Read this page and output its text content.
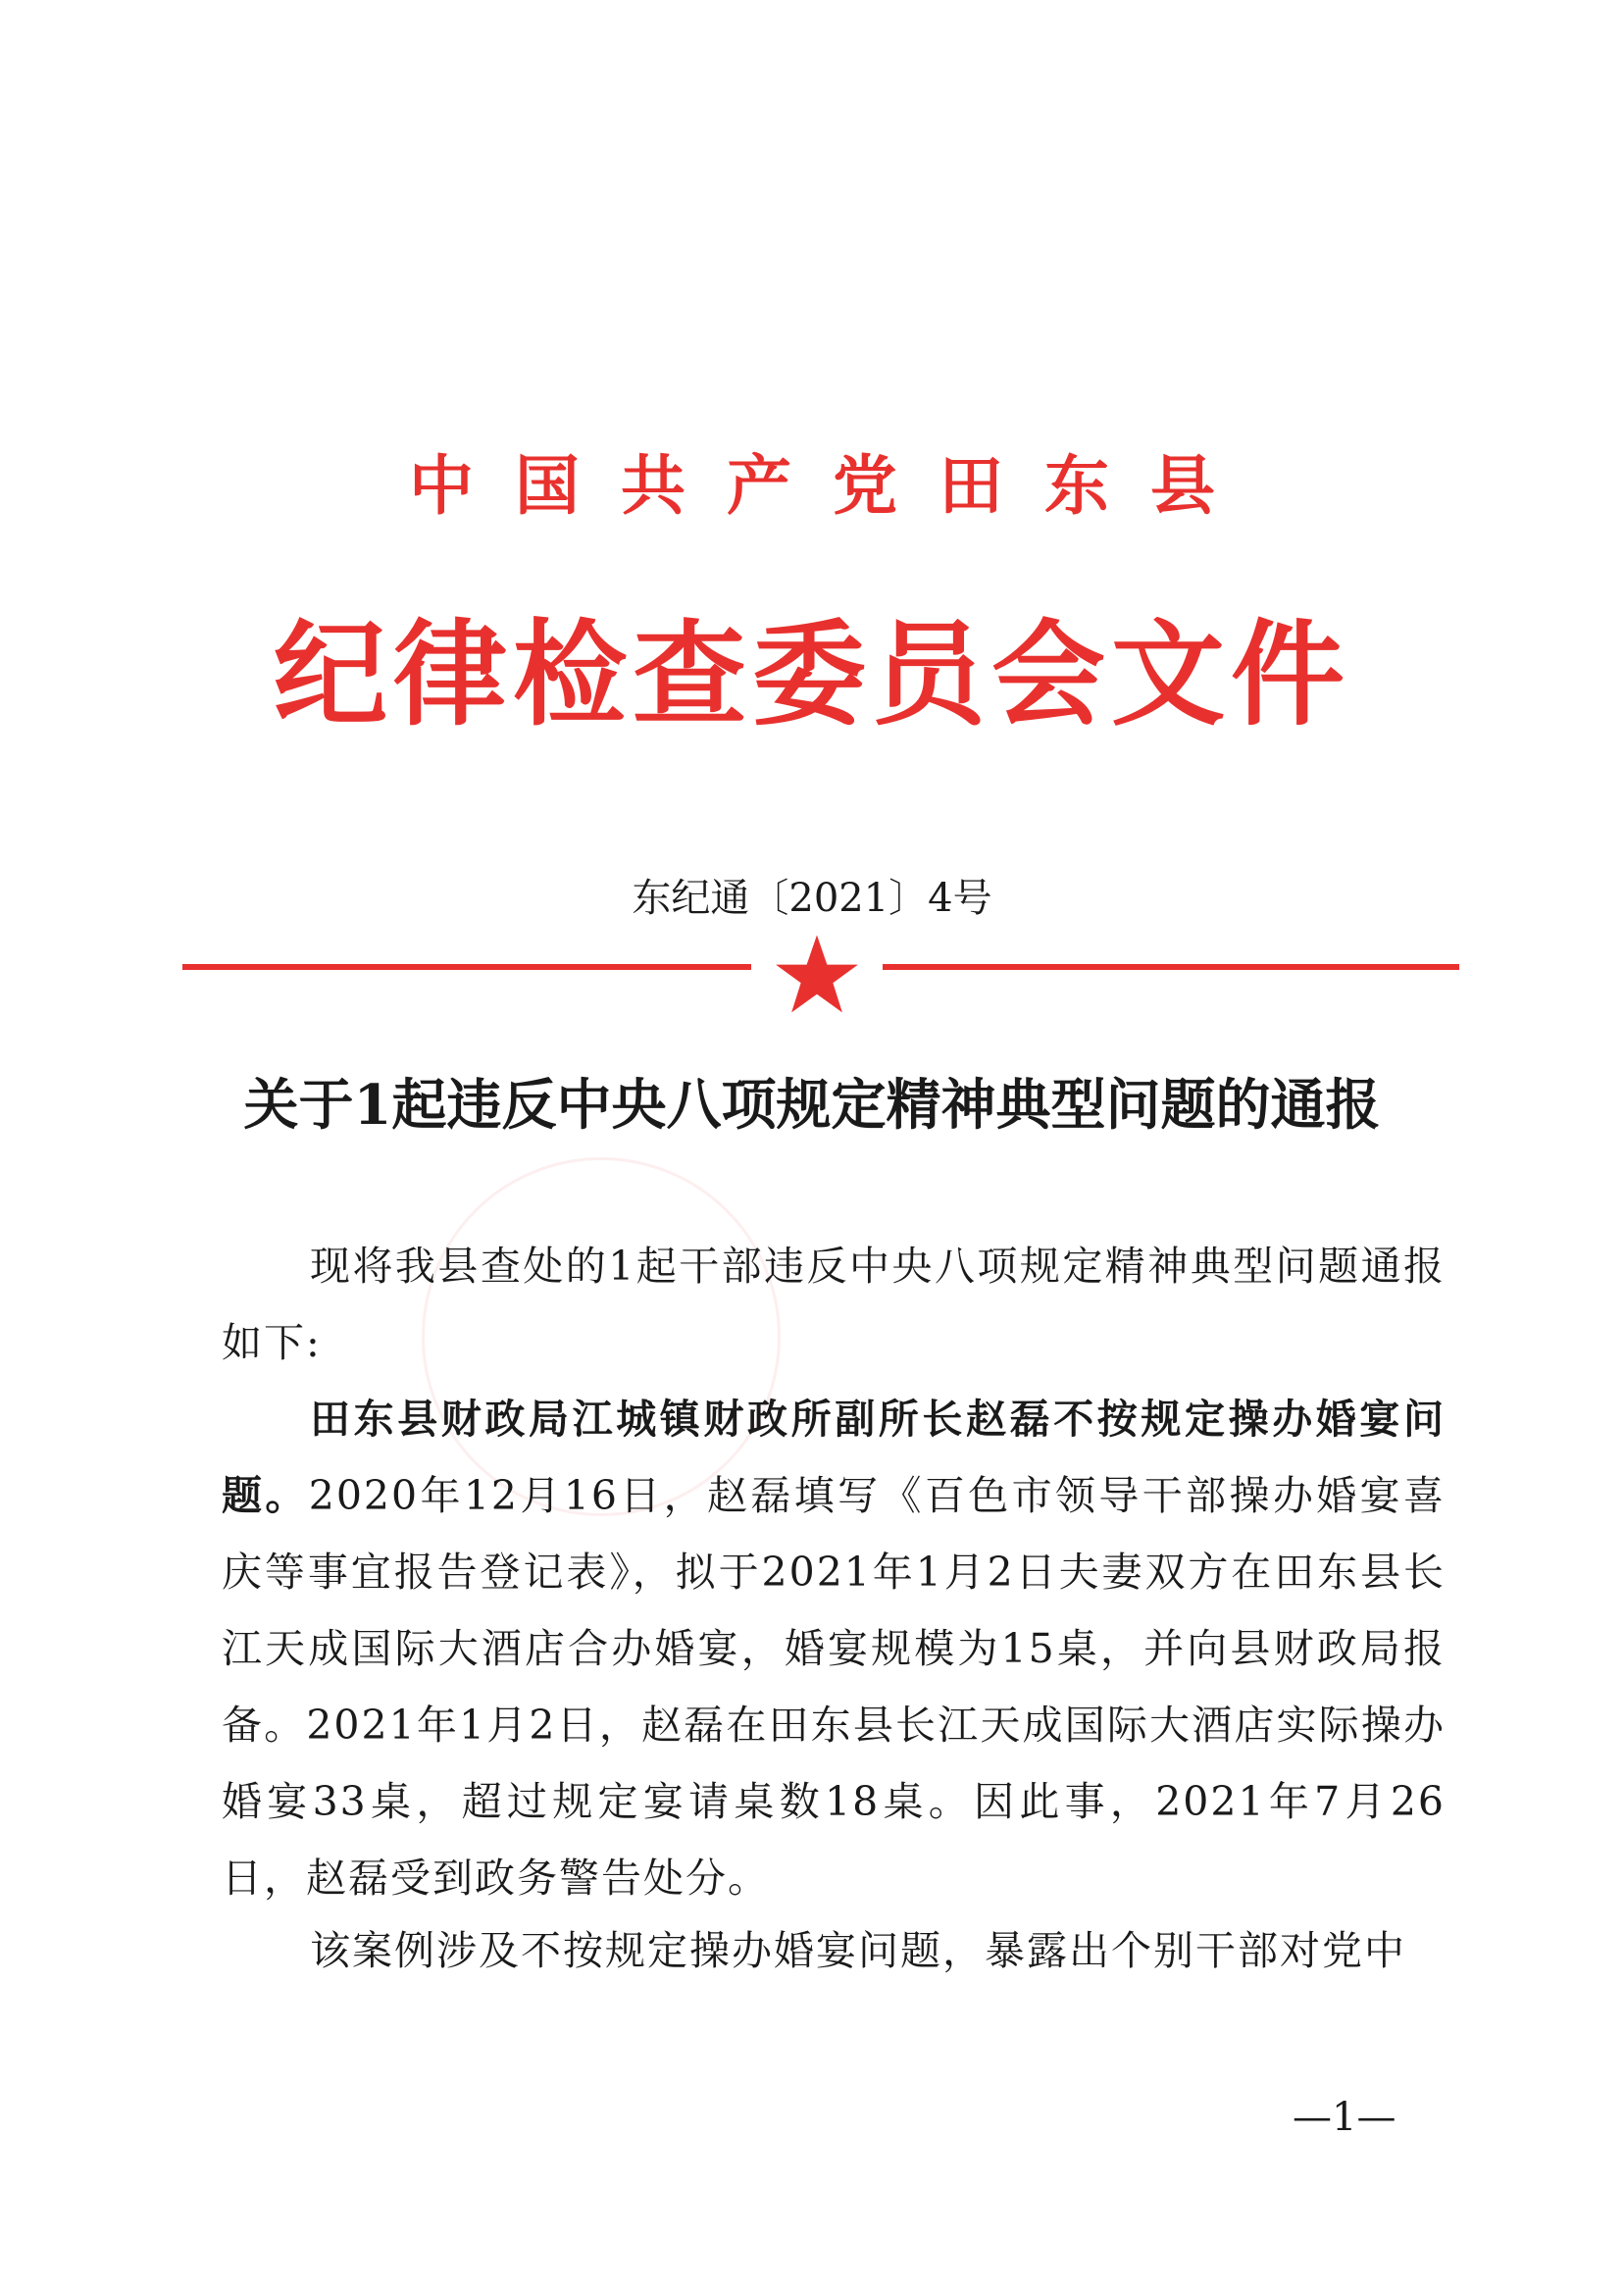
中国共产党田东县
纪律检查委员会文件
东纪通〔2021〕4号
关于1起违反中央八项规定精神典型问题的通报
现将我县查处的1起干部违反中央八项规定精神典型问题通报如下:
田东县财政局江城镇财政所副所长赵磊不按规定操办婚宴问题。2020年12月16日，赵磊填写《百色市领导干部操办婚宴喜庆等事宜报告登记表》，拟于2021年1月2日夫妻双方在田东县长江天成国际大酒店合办婚宴，婚宴规模为15桌，并向县财政局报备。2021年1月2日，赵磊在田东县长江天成国际大酒店实际操办婚宴33桌，超过规定宴请桌数18桌。因此事，2021年7月26日，赵磊受到政务警告处分。
该案例涉及不按规定操办婚宴问题，暴露出个别干部对党中
—1—
